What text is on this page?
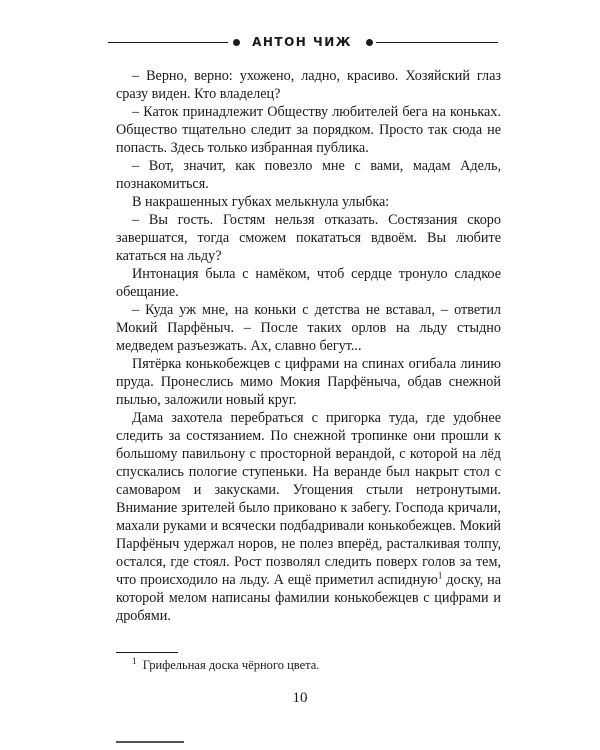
АНТОН ЧИЖ

– Верно, верно: ухожено, ладно, красиво. Хозяйский глаз сразу виден. Кто владелец?

– Каток принадлежит Обществу любителей бега на коньках. Общество тщательно следит за порядком. Просто так сюда не попасть. Здесь только избранная публика.

– Вот, значит, как повезло мне с вами, мадам Адель, познакомиться.

В накрашенных губках мелькнула улыбка:

– Вы гость. Гостям нельзя отказать. Состязания скоро завершатся, тогда сможем покататься вдвоём. Вы любите кататься на льду?

Интонация была с намёком, чтоб сердце тронуло сладкое обещание.

– Куда уж мне, на коньки с детства не вставал, – ответил Мокий Парфёныч. – После таких орлов на льду стыдно медведем разъезжать. Ах, славно бегут...

Пятёрка конькобежцев с цифрами на спинах огибала линию пруда. Пронеслись мимо Мокия Парфёныча, обдав снежной пылью, заложили новый круг.

Дама захотела перебраться с пригорка туда, где удобнее следить за состязанием. По снежной тропинке они прошли к большому павильону с просторной верандой, с которой на лёд спускались пологие ступеньки. На веранде был накрыт стол с самоваром и закусками. Угощения стыли нетронутыми. Внимание зрителей было приковано к забегу. Господа кричали, махали руками и всячески подбадривали конькобежцев. Мокий Парфёныч удержал норов, не полез вперёд, расталкивая толпу, остался, где стоял. Рост позволял следить поверх голов за тем, что происходило на льду. А ещё приметил аспидную$^1$ доску, на которой мелом написаны фамилии конькобежцев с цифрами и дробями.

$^1$ Грифельная доска чёрного цвета.
10
